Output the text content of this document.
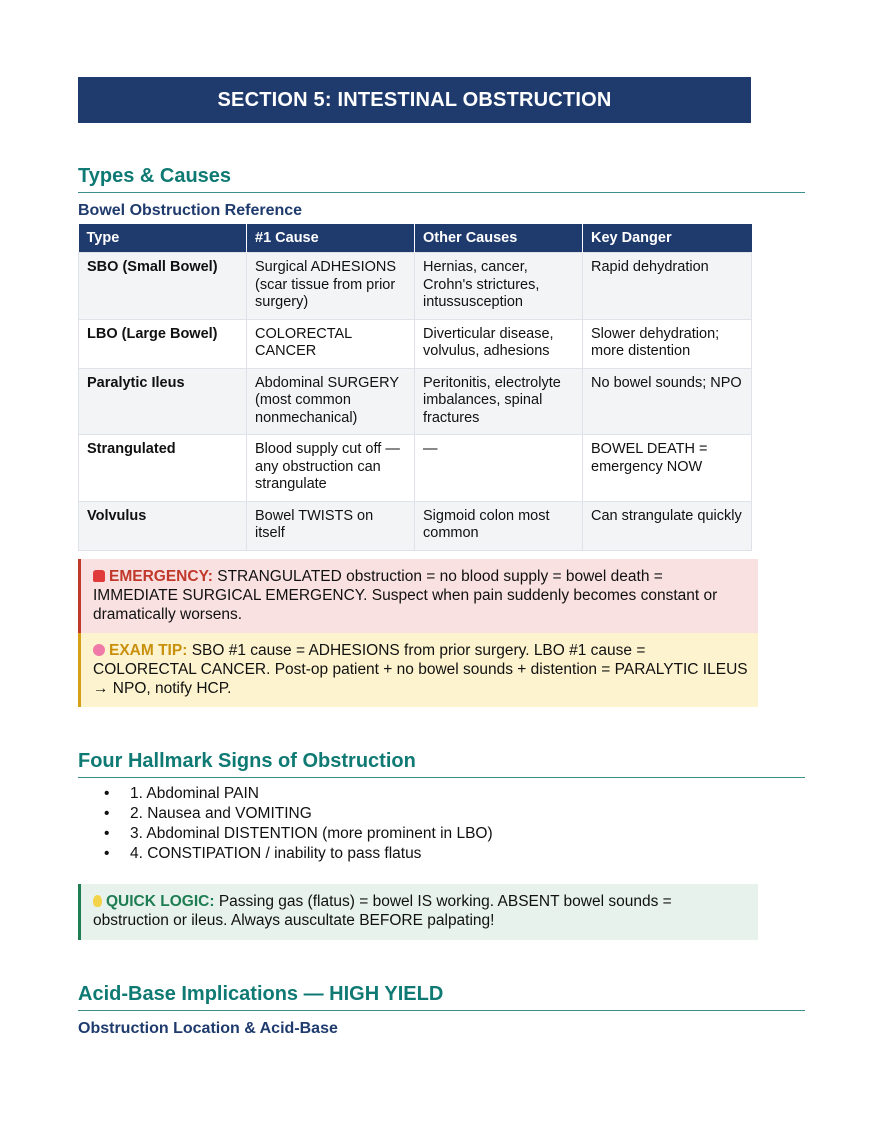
SECTION 5: INTESTINAL OBSTRUCTION
Types & Causes
Bowel Obstruction Reference
Type	#1 Cause	Other Causes	Key Danger
SBO (Small Bowel)	Surgical ADHESIONS (scar tissue from prior surgery)	Hernias, cancer, Crohn's strictures, intussusception	Rapid dehydration
LBO (Large Bowel)	COLORECTAL CANCER	Diverticular disease, volvulus, adhesions	Slower dehydration; more distention
Paralytic Ileus	Abdominal SURGERY (most common nonmechanical)	Peritonitis, electrolyte imbalances, spinal fractures	No bowel sounds; NPO
Strangulated	Blood supply cut off — any obstruction can strangulate	—	BOWEL DEATH = emergency NOW
Volvulus	Bowel TWISTS on itself	Sigmoid colon most common	Can strangulate quickly
EMERGENCY: STRANGULATED obstruction = no blood supply = bowel death = IMMEDIATE SURGICAL EMERGENCY. Suspect when pain suddenly becomes constant or dramatically worsens.
EXAM TIP: SBO #1 cause = ADHESIONS from prior surgery. LBO #1 cause = COLORECTAL CANCER. Post-op patient + no bowel sounds + distention = PARALYTIC ILEUS → NPO, notify HCP.
Four Hallmark Signs of Obstruction
• 1. Abdominal PAIN
• 2. Nausea and VOMITING
• 3. Abdominal DISTENTION (more prominent in LBO)
• 4. CONSTIPATION / inability to pass flatus
QUICK LOGIC: Passing gas (flatus) = bowel IS working. ABSENT bowel sounds = obstruction or ileus. Always auscultate BEFORE palpating!
Acid-Base Implications — HIGH YIELD
Obstruction Location & Acid-Base
